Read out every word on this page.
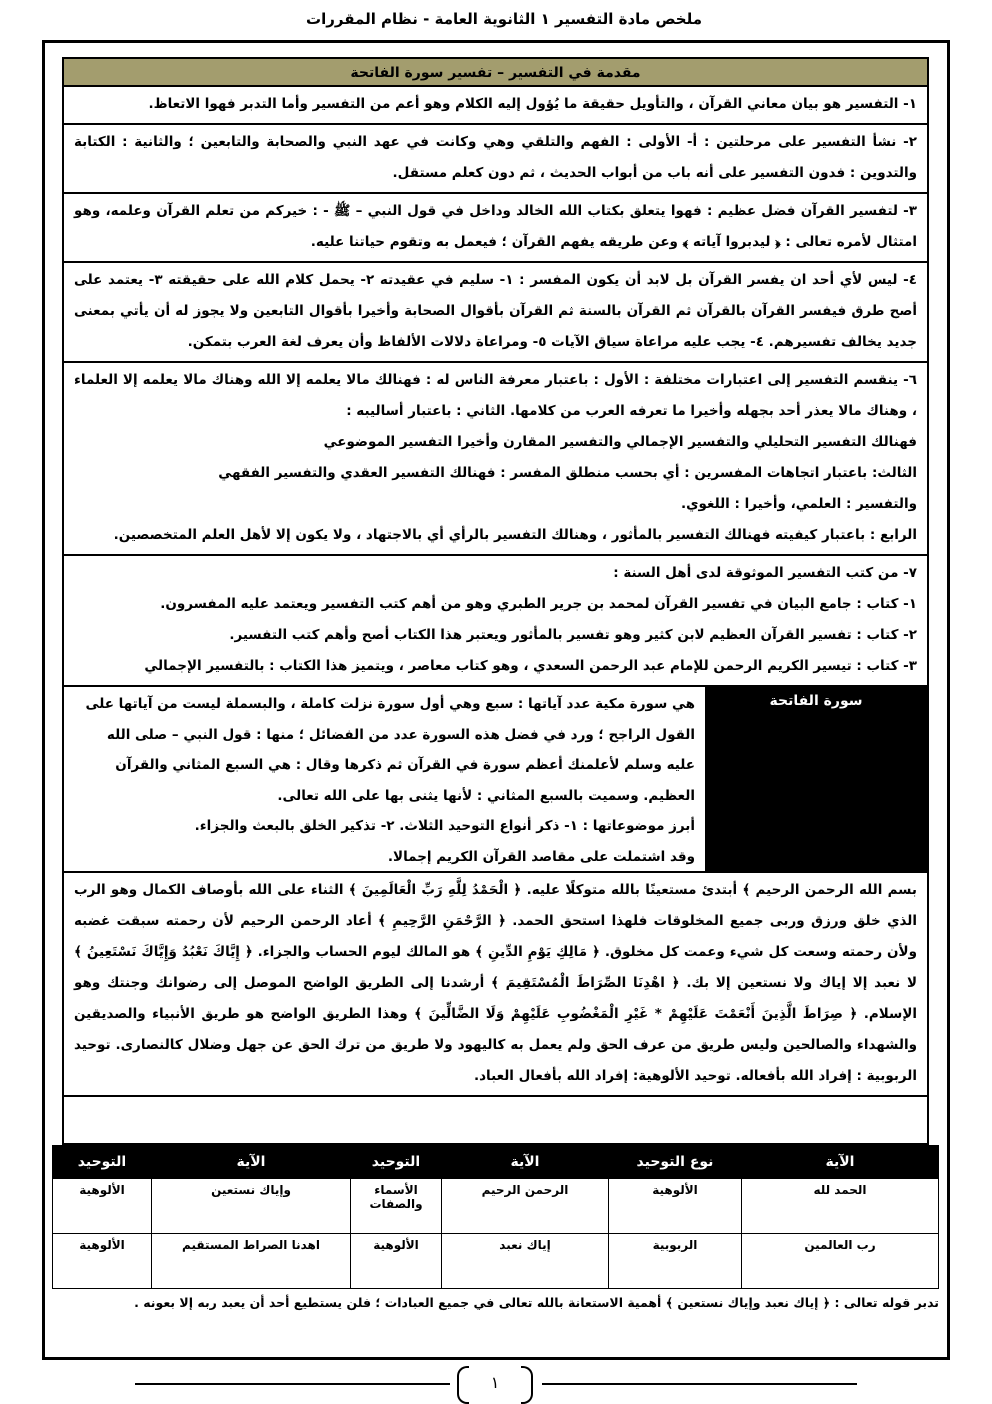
ملخص مادة التفسير ١ الثانوية العامة - نظام المقررات
مقدمة في التفسير – تفسير سورة الفاتحة

١- التفسير هو بيان معاني القرآن ، والتأويل حقيقة ما يُؤول إليه الكلام وهو أعم من التفسير وأما التدبر فهوا الاتعاظ.

٢- نشأ التفسير على مرحلتين : أ- الأولى : الفهم والتلقي وهي وكانت في عهد النبي والصحابة والتابعين ؛ والثانية : الكتابة والتدوين : فدون التفسير على أنه باب من أبواب الحديث ، ثم دون كعلم مستقل.

٣- لتفسير القرآن فضل عظيم : فهوا يتعلق بكتاب الله الخالد وداخل في قول النبي – ﷺ - : خيركم من تعلم القرآن وعلمه، وهو امتثال لأمره تعالى : ﴿ ليدبروا آياته ﴾ وعن طريقه يفهم القرآن ؛ فيعمل به وتقوم حياتنا عليه.

٤- ليس لأي أحد ان يفسر القرآن بل لابد أن يكون المفسر : ١- سليم في عقيدته ٢- يحمل كلام الله على حقيقته ٣- يعتمد على أصح طرق فيفسر القرآن بالقرآن ثم القرآن بالسنة ثم القرآن بأقوال الصحابة وأخيرا بأقوال التابعين ولا يجوز له أن يأتي بمعنى جديد يخالف تفسيرهم. ٤- يجب عليه مراعاة سياق الآيات ٥- ومراعاة دلالات الألفاظ وأن يعرف لغة العرب بتمكن.

٦- ينقسم التفسير إلى اعتبارات مختلفة : الأول : باعتبار معرفة الناس له : فهنالك مالا يعلمه إلا الله وهناك مالا يعلمه إلا العلماء ، وهناك مالا يعذر أحد بجهله وأخيرا ما تعرفه العرب من كلامها. الثاني : باعتبار أساليبه :

فهنالك التفسير التحليلي والتفسير الإجمالي والتفسير المقارن وأخيرا التفسير الموضوعي

الثالث: باعتبار اتجاهات المفسرين : أي بحسب منطلق المفسر : فهنالك التفسير العقدي والتفسير الفقهي

والتفسير : العلمي، وأخيرا : اللغوي.

الرابع : باعتبار كيفيته فهنالك التفسير بالمأثور ، وهنالك التفسير بالرأي أي بالاجتهاد ، ولا يكون إلا لأهل العلم المتخصصين.

٧- من كتب التفسير الموثوقة لدى أهل السنة :

١- كتاب : جامع البيان في تفسير القرآن لمحمد بن جرير الطبري وهو من أهم كتب التفسير ويعتمد عليه المفسرون.

٢- كتاب : تفسير القرآن العظيم لابن كثير وهو تفسير بالمأثور ويعتبر هذا الكتاب أصح وأهم كتب التفسير.

٣- كتاب : تيسير الكريم الرحمن للإمام عبد الرحمن السعدي ، وهو كتاب معاصر ، ويتميز هذا الكتاب : بالتفسير الإجمالي

سورة الفاتحة

هي سورة مكية عدد آياتها : سبع وهي أول سورة نزلت كاملة ، والبسملة ليست من آياتها على القول الراجح ؛ ورد في فضل هذه السورة عدد من الفضائل ؛ منها : قول النبي – صلى الله عليه وسلم لأعلمنك أعظم سورة في القرآن ثم ذكرها وقال : هي السبع المثاني والقرآن العظيم. وسميت بالسبع المثاني : لأنها يثنى بها على الله تعالى.

أبرز موضوعاتها : ١- ذكر أنواع التوحيد الثلاث. ٢- تذكير الخلق بالبعث والجزاء.

وقد اشتملت على مقاصد القرآن الكريم إجمالا.

بسم الله الرحمن الرحيم ﴾ أبتدئ مستعينًا بالله متوكلًا عليه. ﴿ الْحَمْدُ لِلَّهِ رَبِّ الْعَالَمِينَ ﴾ الثناء على الله بأوصاف الكمال وهو الرب الذي خلق ورزق وربى جميع المخلوقات فلهذا استحق الحمد. ﴿ الرَّحْمَنِ الرَّحِيمِ ﴾ أعاد الرحمن الرحيم لأن رحمته سبقت غضبه ولأن رحمته وسعت كل شيء وعمت كل مخلوق. ﴿ مَالِكِ يَوْمِ الدِّينِ ﴾ هو المالك ليوم الحساب والجزاء. ﴿ إِيَّاكَ نَعْبُدُ وَإِيَّاكَ نَسْتَعِينُ ﴾ لا نعبد إلا إياك ولا نستعين إلا بك. ﴿ اهْدِنَا الصِّرَاطَ الْمُسْتَقِيمَ ﴾ أرشدنا إلى الطريق الواضح الموصل إلى رضوانك وجنتك وهو الإسلام. ﴿ صِرَاطَ الَّذِينَ أَنْعَمْتَ عَلَيْهِمْ * غَيْرِ الْمَغْضُوبِ عَلَيْهِمْ وَلَا الضَّالِّينَ ﴾ وهذا الطريق الواضح هو طريق الأنبياء والصديقين والشهداء والصالحين وليس طريق من عرف الحق ولم يعمل به كاليهود ولا طريق من ترك الحق عن جهل وضلال كالنصارى. توحيد الربوبية : إفراد الله بأفعاله. توحيد الألوهية: إفراد الله بأفعال العباد.

الآية	نوع التوحيد	الآية	التوحيد	الآية	التوحيد
الحمد لله	الألوهية	الرحمن الرحيم	الأسماء والصفات	وإياك نستعين	الألوهية
رب العالمين	الربوبية	إياك نعبد	الألوهية	اهدنا الصراط المستقيم	الألوهية
تدبر قوله تعالى : ﴿ إياك نعبد وإياك نستعين ﴾ أهمية الاستعانة بالله تعالى في جميع العبادات ؛ فلن يستطيع أحد أن يعبد ربه إلا بعونه .
١
